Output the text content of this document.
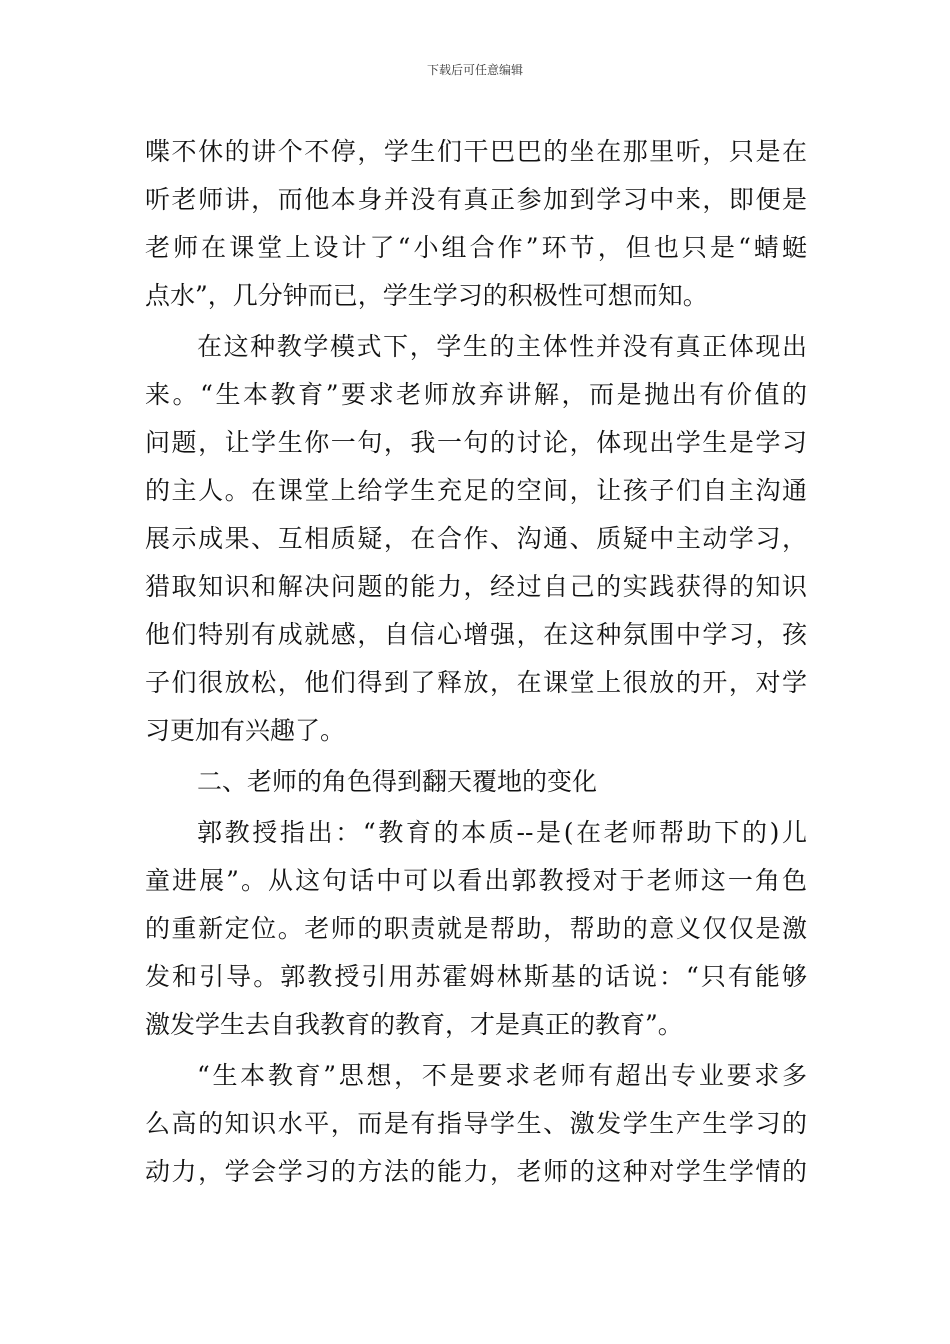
下载后可任意编辑
喋不休的讲个不停，学生们干巴巴的坐在那里听，只是在
听老师讲，而他本身并没有真正参加到学习中来，即便是
老师在课堂上设计了“小组合作”环节，但也只是“蜻蜓
点水”，几分钟而已，学生学习的积极性可想而知。
在这种教学模式下，学生的主体性并没有真正体现出
来。“生本教育”要求老师放弃讲解，而是抛出有价值的
问题，让学生你一句，我一句的讨论，体现出学生是学习
的主人。在课堂上给学生充足的空间，让孩子们自主沟通
展示成果、互相质疑，在合作、沟通、质疑中主动学习，
猎取知识和解决问题的能力，经过自己的实践获得的知识
他们特别有成就感，自信心增强，在这种氛围中学习，孩
子们很放松，他们得到了释放，在课堂上很放的开，对学
习更加有兴趣了。
二、老师的角色得到翻天覆地的变化
郭教授指出：“教育的本质--是(在老师帮助下的)儿
童进展”。从这句话中可以看出郭教授对于老师这一角色
的重新定位。老师的职责就是帮助，帮助的意义仅仅是激
发和引导。郭教授引用苏霍姆林斯基的话说：“只有能够
激发学生去自我教育的教育，才是真正的教育”。
“生本教育”思想，不是要求老师有超出专业要求多
么高的知识水平，而是有指导学生、激发学生产生学习的
动力，学会学习的方法的能力，老师的这种对学生学情的
